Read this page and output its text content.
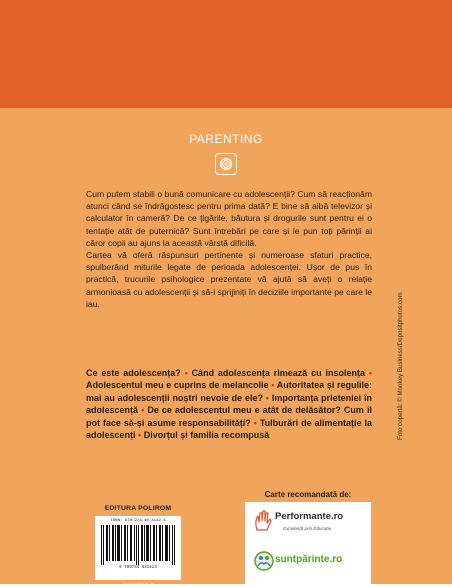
PARENTING

Cum putem stabili o bună comunicare cu adolescenții? Cum să reacționăm atunci când se îndrăgostesc pentru prima dată? E bine să aibă televizor și calculator în cameră? De ce țigările, băutura și drogurile sunt pentru ei o tentație atât de puternică? Sunt întrebări pe care și le pun toți părinții ai căror copii au ajuns la această vârstă dificilă.

Cartea vă oferă răspunsuri pertinente și numeroase sfaturi practice, spulberând miturile legate de perioada adolescenței. Ușor de pus în practică, trucurile psihologice prezentate vă ajută să aveți o relație armonioasă cu adolescenții și să-i sprijiniți în deciziile importante pe care le iau.

Ce este adolescența? • Când adolescența rimează cu insolența • Adolescentul meu e cuprins de melancolie • Autoritatea și regulile: mai au adolescenții noștri nevoie de ele? • Importanța prieteniei în adolescență • De ce adolescentul meu e atât de delăsător? Cum îl pot face să-și asume responsabilitățí? • Tulburări de alimentație la adolescenți • Divorțul și familia recompusă	Foto copertă: © Monkey Business/Depositphotos.com
EDITURA POLIROM
ISBN: 978-973-46-3142-3
9 789734 631423
www.polirom.ro
Carte recomandată de:
Performante.ro
Excelență prin Educație
suntpărinte.ro
